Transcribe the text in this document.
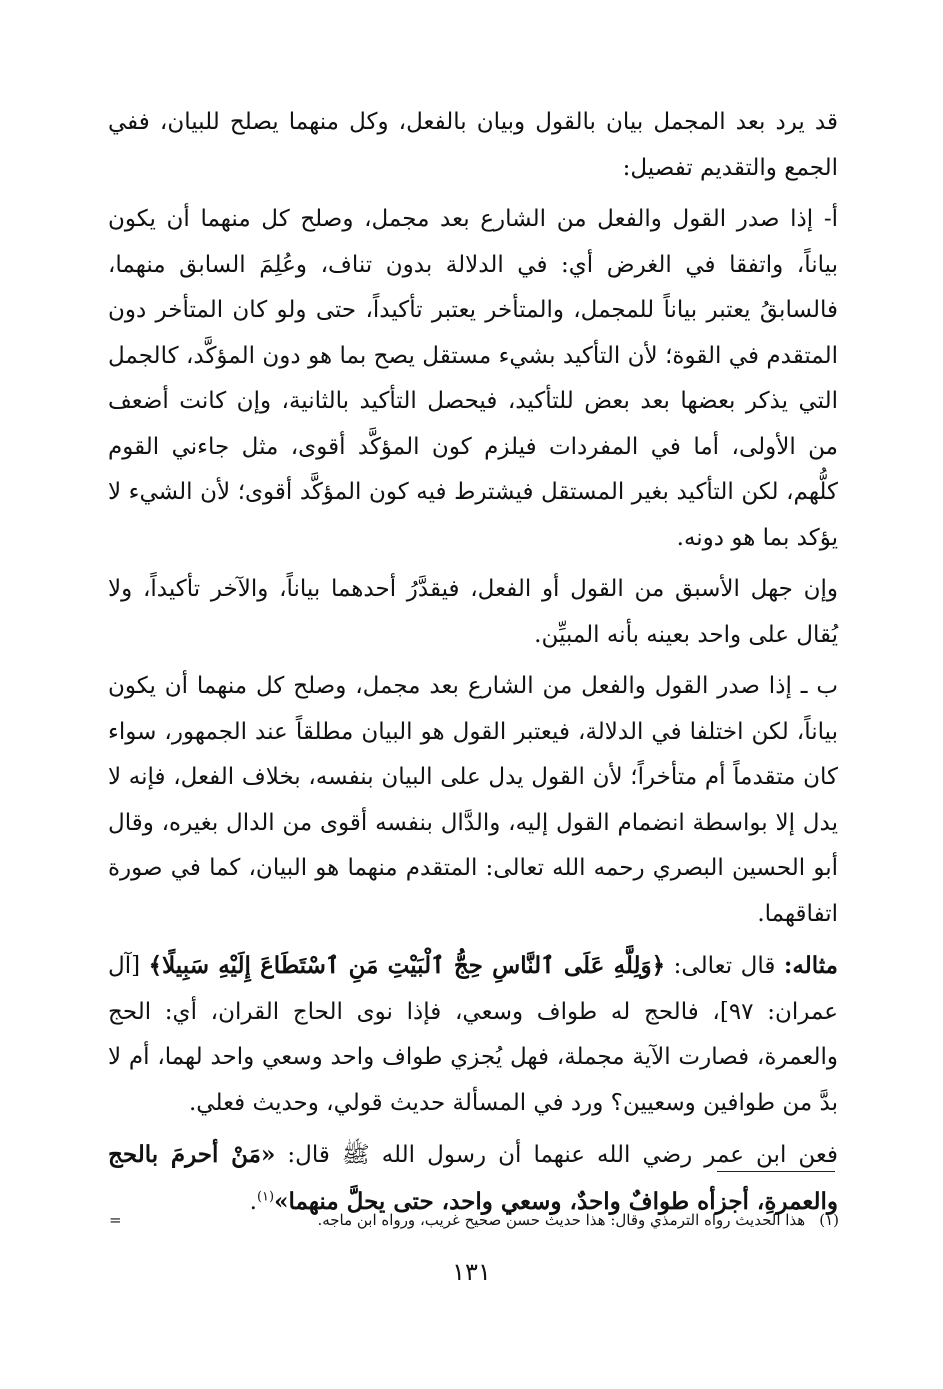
قد يرد بعد المجمل بيان بالقول وبيان بالفعل، وكل منهما يصلح للبيان، ففي الجمع والتقديم تفصيل:

أ- إذا صدر القول والفعل من الشارع بعد مجمل، وصلح كل منهما أن يكون بياناً، واتفقا في الغرض أي: في الدلالة بدون تناف، وعُلِمَ السابق منهما، فالسابقُ يعتبر بياناً للمجمل، والمتأخر يعتبر تأكيداً، حتى ولو كان المتأخر دون المتقدم في القوة؛ لأن التأكيد بشيء مستقل يصح بما هو دون المؤكَّد، كالجمل التي يذكر بعضها بعد بعض للتأكيد، فيحصل التأكيد بالثانية، وإن كانت أضعف من الأولى، أما في المفردات فيلزم كون المؤكَّد أقوى، مثل جاءني القوم كلُّهم، لكن التأكيد بغير المستقل فيشترط فيه كون المؤكَّد أقوى؛ لأن الشيء لا يؤكد بما هو دونه.

وإن جهل الأسبق من القول أو الفعل، فيقدَّرُ أحدهما بياناً، والآخر تأكيداً، ولا يُقال على واحد بعينه بأنه المبيِّن.

ب ـ إذا صدر القول والفعل من الشارع بعد مجمل، وصلح كل منهما أن يكون بياناً، لكن اختلفا في الدلالة، فيعتبر القول هو البيان مطلقاً عند الجمهور، سواء كان متقدماً أم متأخراً؛ لأن القول يدل على البيان بنفسه، بخلاف الفعل، فإنه لا يدل إلا بواسطة انضمام القول إليه، والدَّال بنفسه أقوى من الدال بغيره، وقال أبو الحسين البصري رحمه الله تعالى: المتقدم منهما هو البيان، كما في صورة اتفاقهما.

مثاله: قال تعالى: ﴿وَلِلَّهِ عَلَى ٱلنَّاسِ حِجُّ ٱلْبَيْتِ مَنِ ٱسْتَطَاعَ إِلَيْهِ سَبِيلًا﴾ [آل عمران: ٩٧]، فالحج له طواف وسعي، فإذا نوى الحاج القران، أي: الحج والعمرة، فصارت الآية مجملة، فهل يُجزي طواف واحد وسعي واحد لهما، أم لا بدَّ من طوافين وسعيين؟ ورد في المسألة حديث قولي، وحديث فعلي.

فعن ابن عمر رضي الله عنهما أن رسول الله ﷺ قال: «مَنْ أحرمَ بالحج والعمرةِ، أجزأه طوافٌ واحدٌ، وسعي واحد، حتى يحلَّ منهما»$^{(١)}$.

(١)هذا الحديث رواه الترمذي وقال: هذا حديث حسن صحيح غريب، ورواه ابن ماجه.
=
١٣١
